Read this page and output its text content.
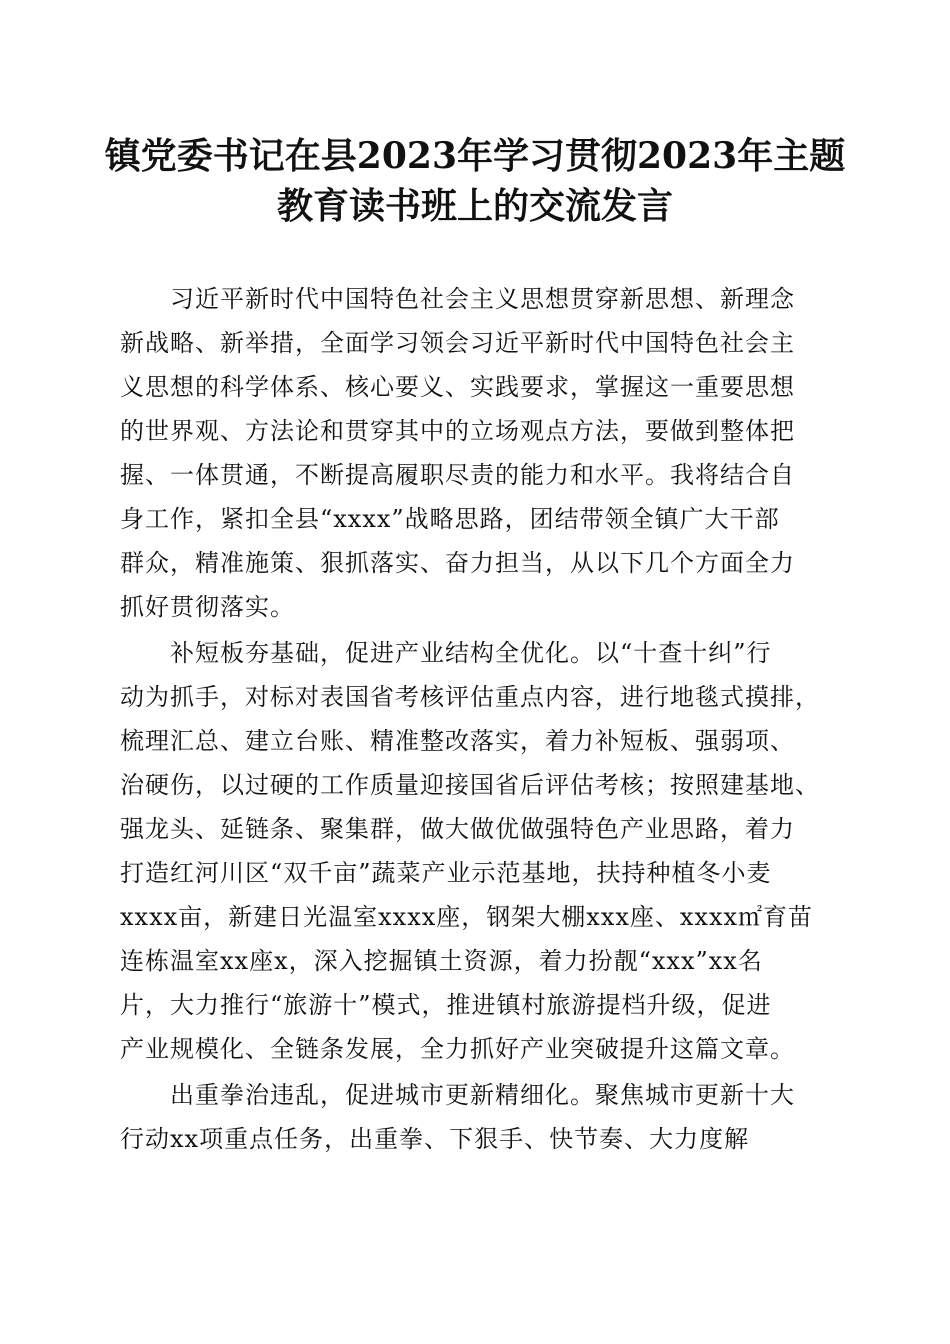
镇党委书记在县2023年学习贯彻2023年主题
教育读书班上的交流发言
习近平新时代中国特色社会主义思想贯穿新思想、新理念
新战略、新举措，全面学习领会习近平新时代中国特色社会主
义思想的科学体系、核心要义、实践要求，掌握这一重要思想
的世界观、方法论和贯穿其中的立场观点方法，要做到整体把
握、一体贯通，不断提高履职尽责的能力和水平。我将结合自
身工作，紧扣全县“xxxx”战略思路，团结带领全镇广大干部
群众，精准施策、狠抓落实、奋力担当，从以下几个方面全力
抓好贯彻落实。
补短板夯基础，促进产业结构全优化。以“十查十纠”行
动为抓手，对标对表国省考核评估重点内容，进行地毯式摸排，
梳理汇总、建立台账、精准整改落实，着力补短板、强弱项、
治硬伤，以过硬的工作质量迎接国省后评估考核；按照建基地、
强龙头、延链条、聚集群，做大做优做强特色产业思路，着力
打造红河川区“双千亩”蔬菜产业示范基地，扶持种植冬小麦
xxxx亩，新建日光温室xxxx座，钢架大棚xxx座、xxxx㎡育苗
连栋温室xx座x，深入挖掘镇土资源，着力扮靓“xxx”xx名
片，大力推行“旅游十”模式，推进镇村旅游提档升级，促进
产业规模化、全链条发展，全力抓好产业突破提升这篇文章。
出重拳治违乱，促进城市更新精细化。聚焦城市更新十大
行动xx项重点任务，出重拳、下狠手、快节奏、大力度解
